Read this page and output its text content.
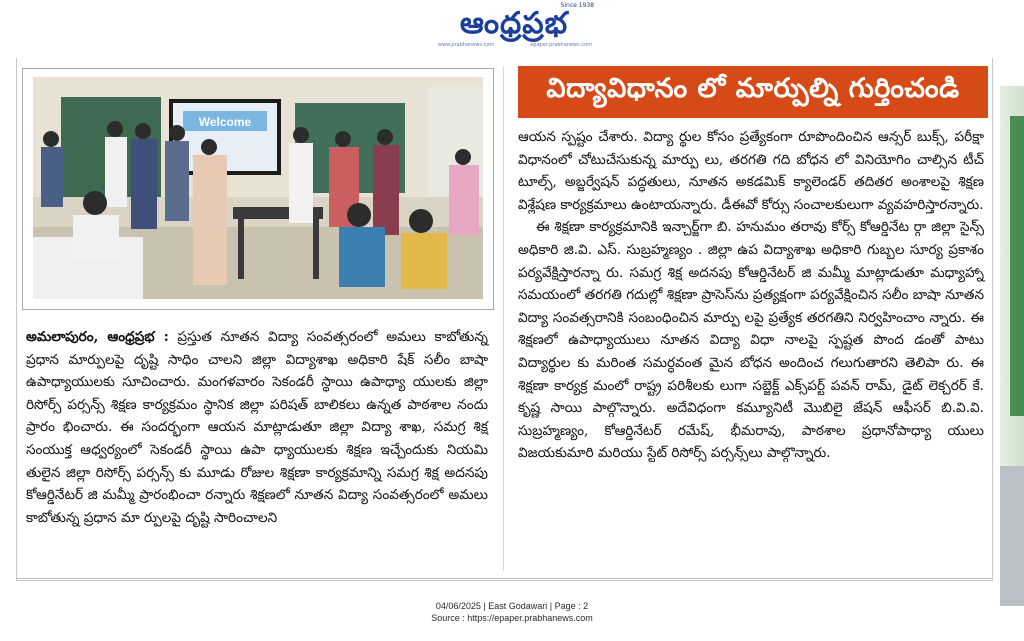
Since 1938
ఆంధ్రప్రభ
www.prabhanews.com	epaper.prabhanews.com
Welcome
విద్యావిధానం లో మార్పుల్ని గుర్తించండి

అమలాపురం, ఆంధ్రప్రభ : ప్రస్తుత నూతన విద్యా సంవత్సరంలో అమలు కాబోతున్న ప్రధాన మార్పులపై దృష్టి సాధిం చాలని జిల్లా విద్యాశాఖ అధికారి షేక్ సలీం బాషా ఉపాధ్యాయులకు సూచించారు. మంగళవారం సెకండరీ స్థాయి ఉపాధ్యా యులకు జిల్లా రిసోర్స్ పర్సన్స్ శిక్షణ కార్యక్రమం స్థానిక జిల్లా పరిషత్ బాలికలు ఉన్నత పాఠశాల నందు ప్రారం భించారు. ఈ సందర్భంగా ఆయన మాట్లాడుతూ జిల్లా విద్యా శాఖ, సమగ్ర శిక్ష సంయుక్త ఆధ్వర్యంలో సెకండరీ స్థాయి ఉపా ధ్యాయులకు శిక్షణ ఇచ్చేందుకు నియమి తులైన జిల్లా రిసోర్స్ పర్సన్స్ కు మూడు రోజుల శిక్షణా కార్యక్రమాన్ని సమగ్ర శిక్ష అదనపు కోఆర్డినేటర్ జి మమ్మీ ప్రారంభించా రన్నారు శిక్షణలో నూతన విద్యా సంవత్సరంలో అమలు కాబోతున్న ప్రధాన మా ర్పులపై దృష్టి సారించాలని

ఆయన స్పష్టం చేశారు. విద్యా ర్థుల కోసం ప్రత్యేకంగా రూపొందించిన ఆన్సర్ బుక్స్, పరీక్షా విధానంలో చోటుచేసుకున్న మార్పు లు, తరగతి గది బోధన లో వినియోగిం చాల్సిన టీచ్ టూల్స్, అబ్జర్వేషన్ పద్ధతులు, నూతన అకడమిక్ క్యాలెండర్ తదితర అంశాలపై శిక్షణ విశ్లేషణ కార్యక్రమాలు ఉంటాయన్నారు. డీఈవో కోర్సు సంచాలకులుగా వ్యవహరిస్తారన్నారు.

ఈ శిక్షణా కార్యక్రమానికి ఇన్చార్జ్‌గా బి. హనుమం తరావు కోర్స్ కోఆర్డినేట ర్గా జిల్లా సైన్స్ అధికారి జి.వి. ఎస్. సుబ్రహ్మణ్యం . జిల్లా ఉప విద్యాశాఖ అధికారి గుబ్బల సూర్య ప్రకాశం పర్యవేక్షిస్తారన్నా రు. సమగ్ర శిక్ష అదనపు కోఆర్డినేటర్ జి మమ్మీ మాట్లాడుతూ మధ్యాహ్నా సమయంలో తరగతి గదుల్లో శిక్షణా ప్రాసెస్‌ను ప్రత్యక్షంగా పర్యవేక్షించిన సలీం బాషా నూతన విద్యా సంవత్సరానికి సంబంధించిన మార్పు లపై ప్రత్యేక తరగతిని నిర్వహించాం న్నారు. ఈ శిక్షణలో ఉపాధ్యాయులు నూతన విద్యా విధా నాలపై స్పష్టత పొంద డంతో పాటు విద్యార్థుల కు మరింత సమర్ధవంత మైన బోధన అందించ గలుగుతారని తెలిపా రు. ఈ శిక్షణా కార్యక్ర మంలో రాష్ట్ర పరిశీలకు లుగా సబ్జెక్ట్ ఎక్స్‌పర్ట్ పవన్ రామ్, డైట్ లెక్చరర్ కే. కృష్ణ సాయి పాల్గొన్నారు. అదేవిధంగా కమ్యూనిటీ మొబిలై జేషన్ ఆఫీసర్ బి.వి.వి. సుబ్రహ్మణ్యం, కోఆర్డినేటర్ రమేష్, భీమరావు, పాఠశాల ప్రధానోపాధ్యా యులు విజయకుమారి మరియు స్టేట్ రిసోర్స్ పర్సన్స్‌లు పాల్గొన్నారు.

04/06/2025 | East Godawari | Page : 2
Source : https://epaper.prabhanews.com
